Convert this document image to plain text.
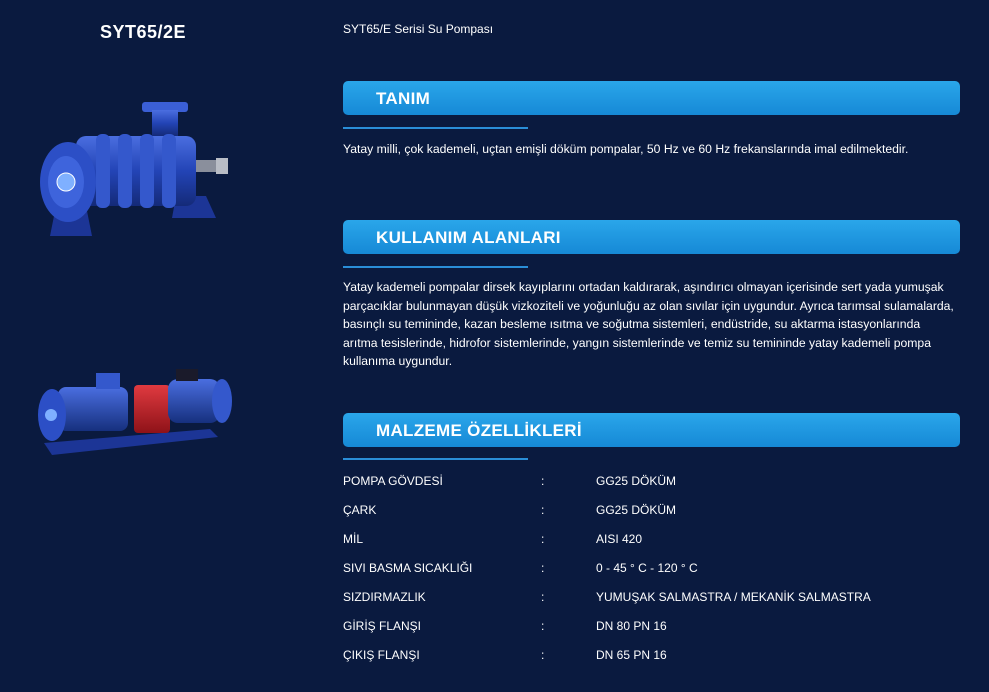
SYT65/2E	SYT65/E Serisi Su Pompası
TANIM
Yatay milli, çok kademeli, uçtan emişli döküm pompalar, 50 Hz ve 60 Hz frekanslarında imal edilmektedir.
KULLANIM ALANLARI
Yatay kademeli pompalar dirsek kayıplarını ortadan kaldırarak, aşındırıcı olmayan içerisinde sert yada yumuşak parçacıklar bulunmayan düşük vizkoziteli ve yoğunluğu az olan sıvılar için uygundur. Ayrıca tarımsal sulamalarda, basınçlı su temininde, kazan besleme ısıtma ve soğutma sistemleri, endüstride, su aktarma istasyonlarında arıtma tesislerinde, hidrofor sistemlerinde, yangın sistemlerinde ve temiz su temininde yatay kademeli pompa kullanıma uygundur.
MALZEME ÖZELLİKLERİ
POMPA GÖVDESİ	:	GG25 DÖKÜM
ÇARK	:	GG25 DÖKÜM
MİL	:	AISI 420
SIVI BASMA SICAKLIĞI	:	0 - 45 ° C - 120 ° C
SIZDIRMAZLIK	:	YUMUŞAK SALMASTRA / MEKANİK SALMASTRA
GİRİŞ FLANŞI	:	DN 80 PN 16
ÇIKIŞ FLANŞI	:	DN 65 PN 16
